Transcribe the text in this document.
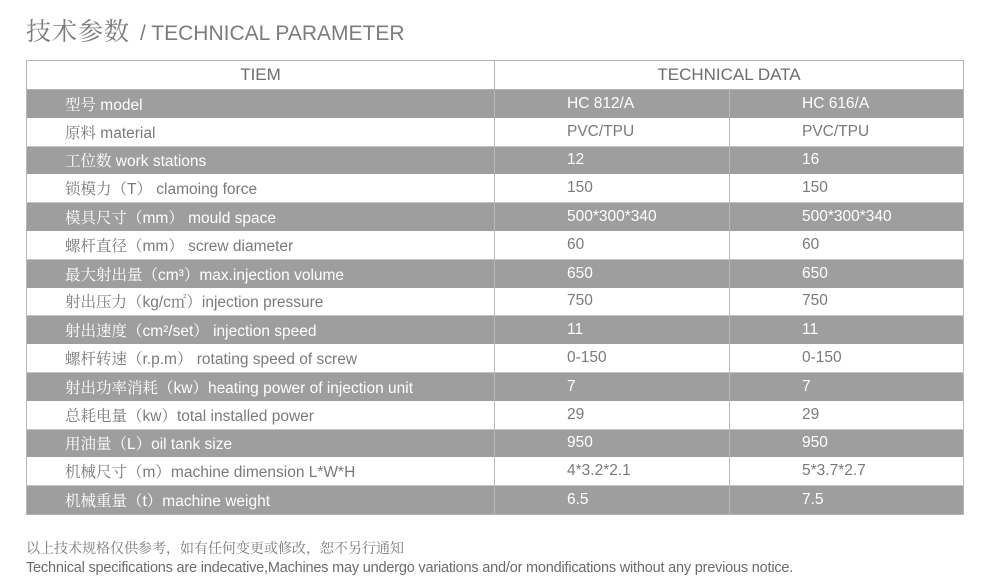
技术参数 / TECHNICAL PARAMETER
TIEM	TECHNICAL DATA	
型号 model	HC 812/A	HC 616/A
原料 material	PVC/TPU	PVC/TPU
工位数 work stations	12	16
锁模力（T） clamoing force	150	150
模具尺寸（mm） mould space	500*300*340	500*300*340
螺杆直径（mm） screw diameter	60	60
最大射出量（cm³）max.injection volume	650	650
射出压力（kg/c㎡）injection pressure	750	750
射出速度（cm²/set） injection speed	11	11
螺杆转速（r.p.m） rotating speed of screw	0-150	0-150
射出功率消耗（kw）heating power of injection unit	7	7
总耗电量（kw）total installed power	29	29
用油量（L）oil tank size	950	950
机械尺寸（m）machine dimension L*W*H	4*3.2*2.1	5*3.7*2.7
机械重量（t）machine weight	6.5	7.5
以上技术规格仅供参考，如有任何变更或修改，恕不另行通知
Technical specifications are indecative,Machines may undergo variations and/or mondifications without any previous notice.
